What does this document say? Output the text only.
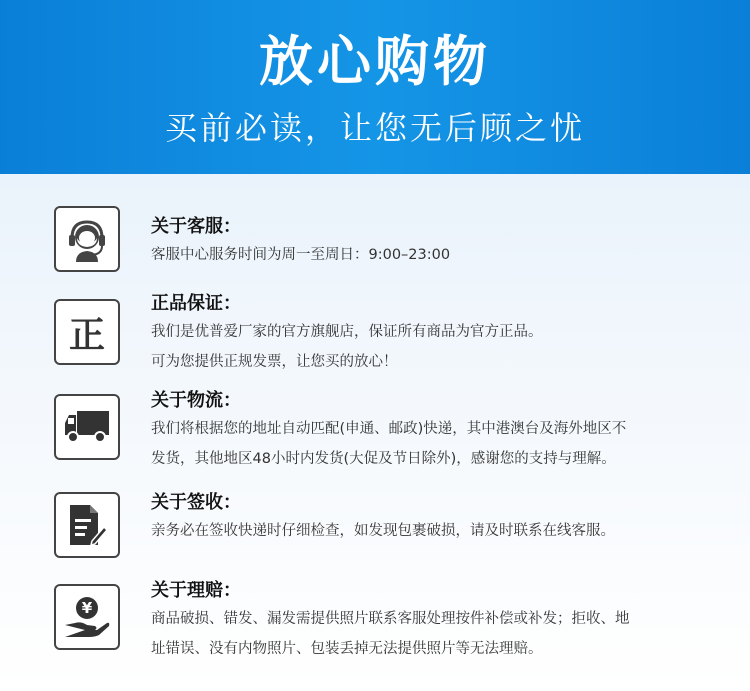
放心购物
买前必读，让您无后顾之忧
关于客服：
客服中心服务时间为周一至周日：9:00–23:00
正
正品保证：
我们是优普爱厂家的官方旗舰店，保证所有商品为官方正品。
可为您提供正规发票，让您买的放心！
关于物流：
我们将根据您的地址自动匹配(申通、邮政)快递，其中港澳台及海外地区不
发货，其他地区48小时内发货(大促及节日除外)，感谢您的支持与理解。
关于签收：
亲务必在签收快递时仔细检查，如发现包裹破损，请及时联系在线客服。
¥
关于理赔：
商品破损、错发、漏发需提供照片联系客服处理按件补偿或补发；拒收、地
址错误、没有内物照片、包装丢掉无法提供照片等无法理赔。
